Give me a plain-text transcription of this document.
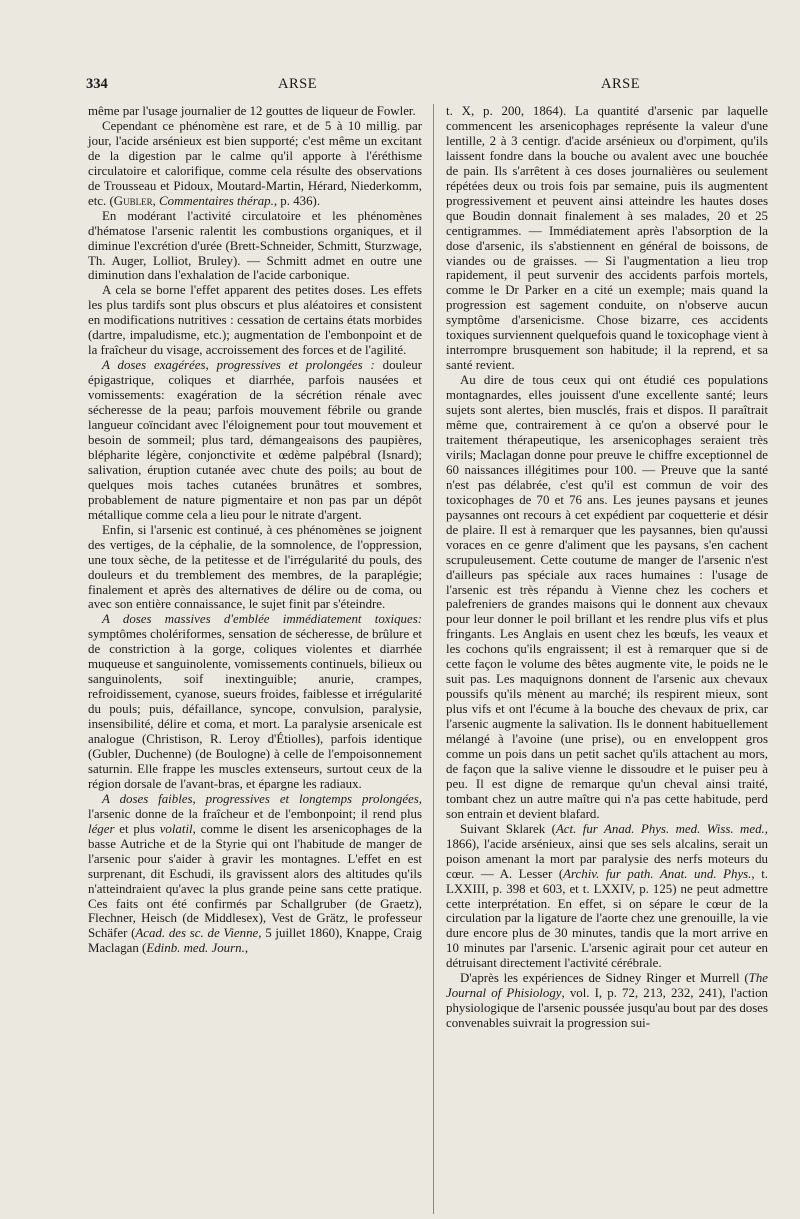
334	ARSE	ARSE

même par l'usage journalier de 12 gouttes de liqueur de Fowler.

Cependant ce phénomène est rare, et de 5 à 10 millig. par jour, l'acide arsénieux est bien supporté; c'est même un excitant de la digestion par le calme qu'il apporte à l'éréthisme circulatoire et calorifique, comme cela résulte des observations de Trousseau et Pidoux, Moutard-Martin, Hérard, Niederkomm, etc. (Gubler, Commentaires thérap., p. 436).

En modérant l'activité circulatoire et les phénomènes d'hématose l'arsenic ralentit les combustions organiques, et il diminue l'excrétion d'urée (Brett-Schneider, Schmitt, Sturzwage, Th. Auger, Lolliot, Bruley). — Schmitt admet en outre une diminution dans l'exhalation de l'acide carbonique.

A cela se borne l'effet apparent des petites doses. Les effets les plus tardifs sont plus obscurs et plus aléatoires et consistent en modifications nutritives : cessation de certains états morbides (dartre, impaludisme, etc.); augmentation de l'embonpoint et de la fraîcheur du visage, accroissement des forces et de l'agilité.

A doses exagérées, progressives et prolongées : douleur épigastrique, coliques et diarrhée, parfois nausées et vomissements: exagération de la sécrétion rénale avec sécheresse de la peau; parfois mouvement fébrile ou grande langueur coïncidant avec l'éloignement pour tout mouvement et besoin de sommeil; plus tard, démangeaisons des paupières, blépharite légère, conjonctivite et œdème palpébral (Isnard); salivation, éruption cutanée avec chute des poils; au bout de quelques mois taches cutanées brunâtres et sombres, probablement de nature pigmentaire et non pas par un dépôt métallique comme cela a lieu pour le nitrate d'argent.

Enfin, si l'arsenic est continué, à ces phénomènes se joignent des vertiges, de la céphalie, de la somnolence, de l'oppression, une toux sèche, de la petitesse et de l'irrégularité du pouls, des douleurs et du tremblement des membres, de la paraplégie; finalement et après des alternatives de délire ou de coma, ou avec son entière connaissance, le sujet finit par s'éteindre.

A doses massives d'emblée immédiatement toxiques: symptômes cholériformes, sensation de sécheresse, de brûlure et de constriction à la gorge, coliques violentes et diarrhée muqueuse et sanguinolente, vomissements continuels, bilieux ou sanguinolents, soif inextinguible; anurie, crampes, refroidissement, cyanose, sueurs froides, faiblesse et irrégularité du pouls; puis, défaillance, syncope, convulsion, paralysie, insensibilité, délire et coma, et mort. La paralysie arsenicale est analogue (Christison, R. Leroy d'Étiolles), parfois identique (Gubler, Duchenne) (de Boulogne) à celle de l'empoisonnement saturnin. Elle frappe les muscles extenseurs, surtout ceux de la région dorsale de l'avant-bras, et épargne les radiaux.

A doses faibles, progressives et longtemps prolongées, l'arsenic donne de la fraîcheur et de l'embonpoint; il rend plus léger et plus volatil, comme le disent les arsenicophages de la basse Autriche et de la Styrie qui ont l'habitude de manger de l'arsenic pour s'aider à gravir les montagnes. L'effet en est surprenant, dit Eschudi, ils gravissent alors des altitudes qu'ils n'atteindraient qu'avec la plus grande peine sans cette pratique. Ces faits ont été confirmés par Schallgruber (de Graetz), Flechner, Heisch (de Middlesex), Vest de Grätz, le professeur Schäfer (Acad. des sc. de Vienne, 5 juillet 1860), Knappe, Craig Maclagan (Edinb. med. Journ.,

t. X, p. 200, 1864). La quantité d'arsenic par laquelle commencent les arsenicophages représente la valeur d'une lentille, 2 à 3 centigr. d'acide arsénieux ou d'orpiment, qu'ils laissent fondre dans la bouche ou avalent avec une bouchée de pain. Ils s'arrêtent à ces doses journalières ou seulement répétées deux ou trois fois par semaine, puis ils augmentent progressivement et peuvent ainsi atteindre les hautes doses que Boudin donnait finalement à ses malades, 20 et 25 centigrammes. — Immédiatement après l'absorption de la dose d'arsenic, ils s'abstiennent en général de boissons, de viandes ou de graisses. — Si l'augmentation a lieu trop rapidement, il peut survenir des accidents parfois mortels, comme le Dr Parker en a cité un exemple; mais quand la progression est sagement conduite, on n'observe aucun symptôme d'arsenicisme. Chose bizarre, ces accidents toxiques surviennent quelquefois quand le toxicophage vient à interrompre brusquement son habitude; il la reprend, et sa santé revient.

Au dire de tous ceux qui ont étudié ces populations montagnardes, elles jouissent d'une excellente santé; leurs sujets sont alertes, bien musclés, frais et dispos. Il paraîtrait même que, contrairement à ce qu'on a observé pour le traitement thérapeutique, les arsenicophages seraient très virils; Maclagan donne pour preuve le chiffre exceptionnel de 60 naissances illégitimes pour 100. — Preuve que la santé n'est pas délabrée, c'est qu'il est commun de voir des toxicophages de 70 et 76 ans. Les jeunes paysans et jeunes paysannes ont recours à cet expédient par coquetterie et désir de plaire. Il est à remarquer que les paysannes, bien qu'aussi voraces en ce genre d'aliment que les paysans, s'en cachent scrupuleusement. Cette coutume de manger de l'arsenic n'est d'ailleurs pas spéciale aux races humaines : l'usage de l'arsenic est très répandu à Vienne chez les cochers et palefreniers de grandes maisons qui le donnent aux chevaux pour leur donner le poil brillant et les rendre plus vifs et plus fringants. Les Anglais en usent chez les bœufs, les veaux et les cochons qu'ils engraissent; il est à remarquer que si de cette façon le volume des bêtes augmente vite, le poids ne le suit pas. Les maquignons donnent de l'arsenic aux chevaux poussifs qu'ils mènent au marché; ils respirent mieux, sont plus vifs et ont l'écume à la bouche des chevaux de prix, car l'arsenic augmente la salivation. Ils le donnent habituellement mélangé à l'avoine (une prise), ou en enveloppent gros comme un pois dans un petit sachet qu'ils attachent au mors, de façon que la salive vienne le dissoudre et le puiser peu à peu. Il est digne de remarque qu'un cheval ainsi traité, tombant chez un autre maître qui n'a pas cette habitude, perd son entrain et devient blafard.

Suivant Sklarek (Act. fur Anad. Phys. med. Wiss. med., 1866), l'acide arsénieux, ainsi que ses sels alcalins, serait un poison amenant la mort par paralysie des nerfs moteurs du cœur. — A. Lesser (Archiv. fur path. Anat. und. Phys., t. LXXIII, p. 398 et 603, et t. LXXIV, p. 125) ne peut admettre cette interprétation. En effet, si on sépare le cœur de la circulation par la ligature de l'aorte chez une grenouille, la vie dure encore plus de 30 minutes, tandis que la mort arrive en 10 minutes par l'arsenic. L'arsenic agirait pour cet auteur en détruisant directement l'activité cérébrale.

D'après les expériences de Sidney Ringer et Murrell (The Journal of Phisiology, vol. I, p. 72, 213, 232, 241), l'action physiologique de l'arsenic poussée jusqu'au bout par des doses convenables suivrait la progression sui-
